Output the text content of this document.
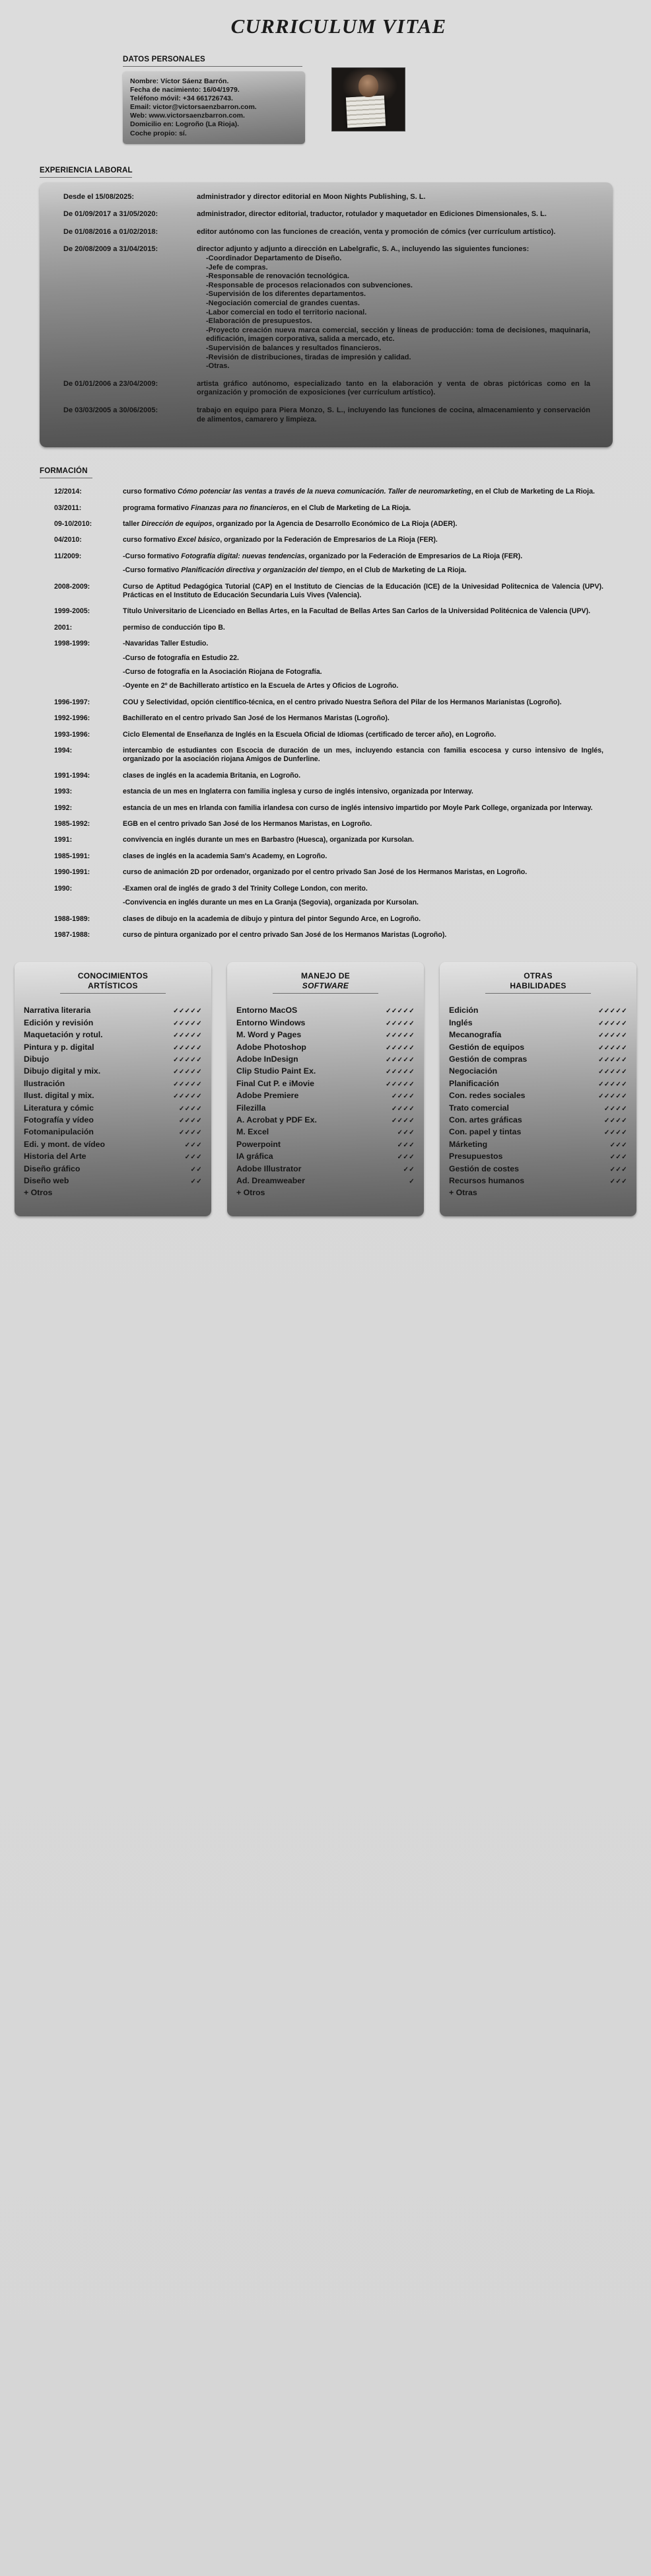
CURRICULUM VITAE
DATOS PERSONALES

Nombre: Víctor Sáenz Barrón.

Fecha de nacimiento: 16/04/1979.

Teléfono móvil: +34 661726743.

Email: victor@victorsaenzbarron.com.

Web: www.victorsaenzbarron.com.

Domicilio en: Logroño (La Rioja).

Coche propio: sí.

EXPERIENCIA LABORAL
Desde el 15/08/2025:	administrador y director editorial en Moon Nights Publishing, S. L.
De 01/09/2017 a 31/05/2020:	administrador, director editorial, traductor, rotulador y maquetador en Ediciones Dimensionales, S. L.
De 01/08/2016 a 01/02/2018:	editor autónomo con las funciones de creación, venta y promoción de cómics (ver currículum artístico).
De 20/08/2009 a 31/04/2015:	director adjunto y adjunto a dirección en Labelgrafic, S. A., incluyendo las siguientes funciones:
-Coordinador Departamento de Diseño.
-Jefe de compras.
-Responsable de renovación tecnológica.
-Responsable de procesos relacionados con subvenciones.
-Supervisión de los diferentes departamentos.
-Negociación comercial de grandes cuentas.
-Labor comercial en todo el territorio nacional.
-Elaboración de presupuestos.
-Proyecto creación nueva marca comercial, sección y líneas de producción: toma de decisiones, maquinaria, edificación, imagen corporativa, salida a mercado, etc.
-Supervisión de balances y resultados financieros.
-Revisión de distribuciones, tiradas de impresión y calidad.
-Otras.
De 01/01/2006 a 23/04/2009:	artista gráfico autónomo, especializado tanto en la elaboración y venta de obras pictóricas como en la organización y promoción de exposiciones (ver currículum artístico).
De 03/03/2005 a 30/06/2005:	trabajo en equipo para Piera Monzo, S. L., incluyendo las funciones de cocina, almacenamiento y conservación de alimentos, camarero y limpieza.
FORMACIÓN
12/2014:	curso formativo Cómo potenciar las ventas a través de la nueva comunicación. Taller de neuromarketing, en el Club de Marketing de La Rioja.
03/2011:	programa formativo Finanzas para no financieros, en el Club de Marketing de La Rioja.
09-10/2010:	taller Dirección de equipos, organizado por la Agencia de Desarrollo Económico de La Rioja (ADER).
04/2010:	curso formativo Excel básico, organizado por la Federación de Empresarios de La Rioja (FER).
11/2009:	-Curso formativo Fotografía digital: nuevas tendencias, organizado por la Federación de Empresarios de La Rioja (FER).
-Curso formativo Planificación directiva y organización del tiempo, en el Club de Marketing de La Rioja.
2008-2009:	Curso de Aptitud Pedagógica Tutorial (CAP) en el Instituto de Ciencias de la Educación (ICE) de la Univesidad Politecnica de Valencia (UPV). Prácticas en el Instituto de Educación Secundaria Luis Vives (Valencia).
1999-2005:	Título Universitario de Licenciado en Bellas Artes, en la Facultad de Bellas Artes San Carlos de la Universidad Politécnica de Valencia (UPV).
2001:	permiso de conducción tipo B.
1998-1999:	-Navaridas Taller Estudio.
-Curso de fotografía en Estudio 22.
-Curso de fotografía en la Asociación Riojana de Fotografía.
-Oyente en 2º de Bachillerato artístico en la Escuela de Artes y Oficios de Logroño.
1996-1997:	COU y Selectividad, opción científico-técnica, en el centro privado Nuestra Señora del Pilar de los Hermanos Marianistas (Logroño).
1992-1996:	Bachillerato en el centro privado San José de los Hermanos Maristas (Logroño).
1993-1996:	Ciclo Elemental de Enseñanza de Inglés en la Escuela Oficial de Idiomas (certificado de tercer año), en Logroño.
1994:	intercambio de estudiantes con Escocia de duración de un mes, incluyendo estancia con familia escocesa y curso intensivo de Inglés, organizado por la asociación riojana Amigos de Dunferline.
1991-1994:	clases de inglés en la academia Britania, en Logroño.
1993:	estancia de un mes en Inglaterra con familia inglesa y curso de inglés intensivo, organizada por Interway.
1992:	estancia de un mes en Irlanda con familia irlandesa con curso de inglés intensivo impartido por Moyle Park College, organizada por Interway.
1985-1992:	EGB en el centro privado San José de los Hermanos Maristas, en Logroño.
1991:	convivencia en inglés durante un mes en Barbastro (Huesca), organizada por Kursolan.
1985-1991:	clases de inglés en la academia Sam's Academy, en Logroño.
1990-1991:	curso de animación 2D por ordenador, organizado por el centro privado San José de los Hermanos Maristas, en Logroño.
1990:	-Examen oral de inglés de grado 3 del Trinity College London, con merito.
-Convivencia en inglés durante un mes en La Granja (Segovia), organizada por Kursolan.
1988-1989:	clases de dibujo en la academia de dibujo y pintura del pintor Segundo Arce, en Logroño.
1987-1988:	curso de pintura organizado por el centro privado San José de los Hermanos Maristas (Logroño).
CONOCIMIENTOS
ARTÍSTICOS
Narrativa literaria	✓✓✓✓✓
Edición y revisión	✓✓✓✓✓
Maquetación y rotul.	✓✓✓✓✓
Pintura y p. digital	✓✓✓✓✓
Dibujo	✓✓✓✓✓
Dibujo digital y mix.	✓✓✓✓✓
Ilustración	✓✓✓✓✓
Ilust. digital y mix.	✓✓✓✓✓
Literatura y cómic	✓✓✓✓
Fotografía y vídeo	✓✓✓✓
Fotomanipulación	✓✓✓✓
Edi. y mont. de vídeo	✓✓✓
Historia del Arte	✓✓✓
Diseño gráfico	✓✓
Diseño web	✓✓
+ Otros
MANEJO DE
SOFTWARE
Entorno MacOS	✓✓✓✓✓
Entorno Windows	✓✓✓✓✓
M. Word y Pages	✓✓✓✓✓
Adobe Photoshop	✓✓✓✓✓
Adobe InDesign	✓✓✓✓✓
Clip Studio Paint Ex.	✓✓✓✓✓
Final Cut P. e iMovie	✓✓✓✓✓
Adobe Premiere	✓✓✓✓
Filezilla	✓✓✓✓
A. Acrobat y PDF Ex.	✓✓✓✓
M. Excel	✓✓✓
Powerpoint	✓✓✓
IA gráfica	✓✓✓
Adobe Illustrator	✓✓
Ad. Dreamweaber	✓
+ Otros
OTRAS
HABILIDADES
Edición	✓✓✓✓✓
Inglés	✓✓✓✓✓
Mecanografía	✓✓✓✓✓
Gestión de equipos	✓✓✓✓✓
Gestión de compras	✓✓✓✓✓
Negociación	✓✓✓✓✓
Planificación	✓✓✓✓✓
Con. redes sociales	✓✓✓✓✓
Trato comercial	✓✓✓✓
Con. artes gráficas	✓✓✓✓
Con. papel y tintas	✓✓✓✓
Márketing	✓✓✓
Presupuestos	✓✓✓
Gestión de costes	✓✓✓
Recursos humanos	✓✓✓
+ Otras
